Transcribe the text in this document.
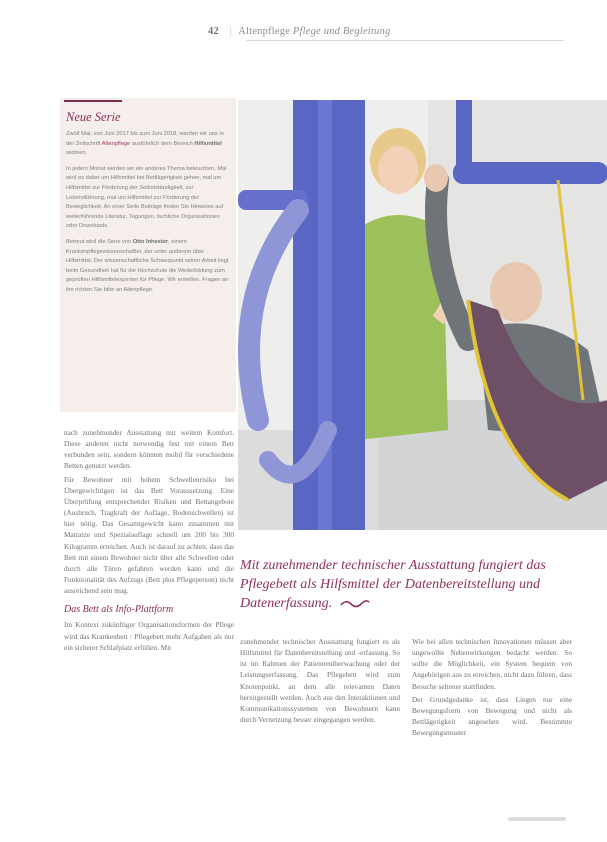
42 | Altenpflege Pflege und Begleitung
Neue Serie

Zwölf Mal, von Juni 2017 bis zum Juni 2018, werden wir uns in der Zeitschrift Altenpflege ausführlich dem Bereich Hilfsmittel widmen.

In jedem Monat werden wir ein anderes Thema beleuchten. Mal wird es dabei um Hilfsmittel bei Bettlägerigkeit gehen, mal um Hilfsmittel zur Förderung der Selbstständigkeit, zur Lebensführung, mal um Hilfsmittel zur Förderung der Beweglichkeit. An einer Seite Beiträge finden Sie Hinweise auf weiterführende Literatur, Tagungen, fachliche Organisationen oder Downloads.

Betreut wird die Serie von Otto Inhester, einem Krankenpflegewissenschaftler, der unter anderem über Hilfsmittel. Der wissenschaftliche Schwerpunkt seiner Arbeit liegt beim Gesundheit hat für die Hochschule die Weiterbildung zum geprüften Hilfsmittelexperten für Pflege. Wir erstellen. Fragen an ihn richten Sie bitte an Altenpflege.

Mit zunehmender technischer Ausstattung fungiert das Pflegebett als Hilfsmittel der Datenbereitstellung und Datenerfassung.

nach zunehmender Ausstattung mit weitem Komfort. Diese anderen nicht notwendig fest mit einem Bett verbunden sein, sondern könnten mobil für verschiedene Betten genutzt werden.

Für Bewohner mit hohem Schwellenrisiko bei Übergewichtigen ist das Bett Voraussetzung. Eine Überprüfung entsprechender Risiken und Bettangebote (Ausbruch, Tragkraft der Auflage, Bodenschwellen) ist hier nötig. Das Gesamtgewicht kann zusammen mit Matratze und Spezialauflage schnell um 200 bis 300 Kilogramm erreichen. Auch ist darauf zu achten, dass das Bett mit einem Bewohner nicht über alle Schwellen oder durch alle Türen gefahren werden kann und die Funktionalität des Aufzugs (Bett plus Pflegeperson) nicht ausreichend sein mag.

Das Bett als Info-Plattform

Im Kontext zukünftiger Organisationsformen der Pflege wird das Krankenbett / Pflegebett mehr Aufgaben als nur ein sicherer Schlafplatz erfüllen. Mit

zunehmender technischer Ausstattung fungiert es als Hilfsmittel für Datenbereitstellung und -erfassung. So ist im Rahmen der Patientenüberwachung oder der Leistungserfassung. Das Pflegebett wird zum Knotenpunkt, an dem alle relevanten Daten bereitgestellt werden. Auch aus den Interaktionen und Kommunikationssystemen von Bewohnern kann durch Vernetzung besser eingegangen werden.

Wie bei allen technischen Innovationen müssen aber ungewollte Nebenwirkungen bedacht werden. So sollte die Möglichkeit, ein System bequem von Angehörigen aus zu erreichen, nicht dazu führen, dass Besuche seltener stattfinden.

Der Grundgedanke ist, dass Liegen nur eine Bewegungsform von Bewegung und nicht als Bettlägerigkeit angesehen wird. Bestimmte Bewegungsmuster
